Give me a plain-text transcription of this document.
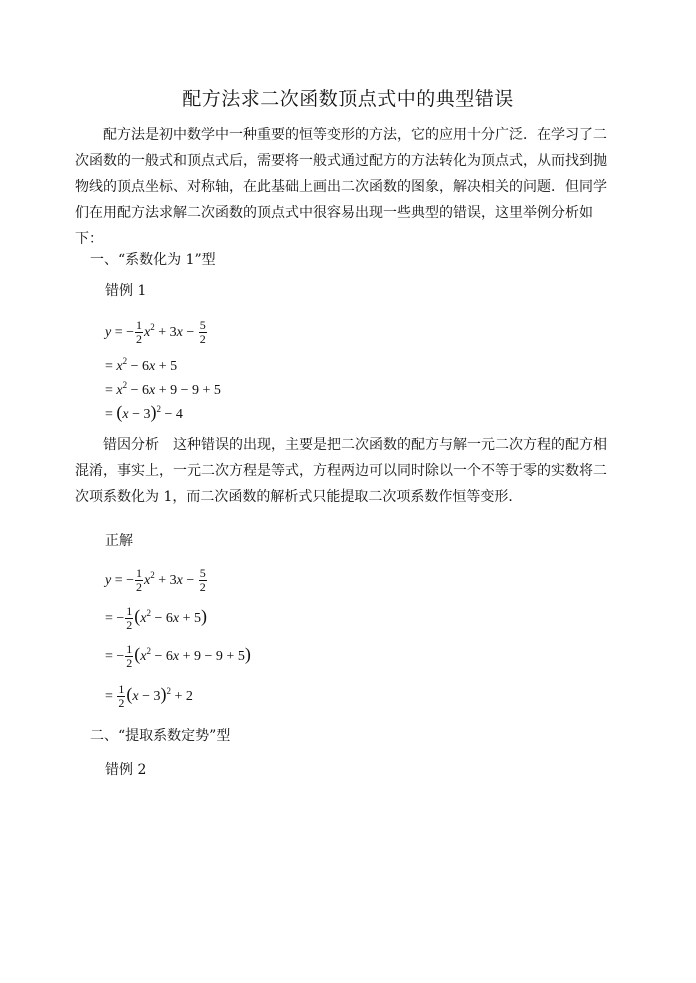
配方法求二次函数顶点式中的典型错误

配方法是初中数学中一种重要的恒等变形的方法，它的应用十分广泛．在学习了二次函数的一般式和顶点式后，需要将一般式通过配方的方法转化为顶点式，从而找到抛物线的顶点坐标、对称轴，在此基础上画出二次函数的图象，解决相关的问题．但同学们在用配方法求解二次函数的顶点式中很容易出现一些典型的错误，这里举例分析如下：

一、“系数化为 1”型
错例 1
y = − $\frac{1}{2} x^2 + 3x - \frac{5}{2}$
= $x^2 - 6x + 5$
= $x^2 - 6x + 9 - 9 + 5$
= $(x - 3)^2 - 4$

错因分析　这种错误的出现，主要是把二次函数的配方与解一元二次方程的配方相混淆，事实上，一元二次方程是等式，方程两边可以同时除以一个不等于零的实数将二次项系数化为 1，而二次函数的解析式只能提取二次项系数作恒等变形．

正解
y = − $\frac{1}{2} x^2 + 3x - \frac{5}{2}$
= − $\frac{1}{2} (x^2 - 6x + 5)$
= − $\frac{1}{2} (x^2 - 6x + 9 - 9 + 5)$
= $\frac{1}{2} (x - 3)^2 + 2$
二、“提取系数定势”型
错例 2
